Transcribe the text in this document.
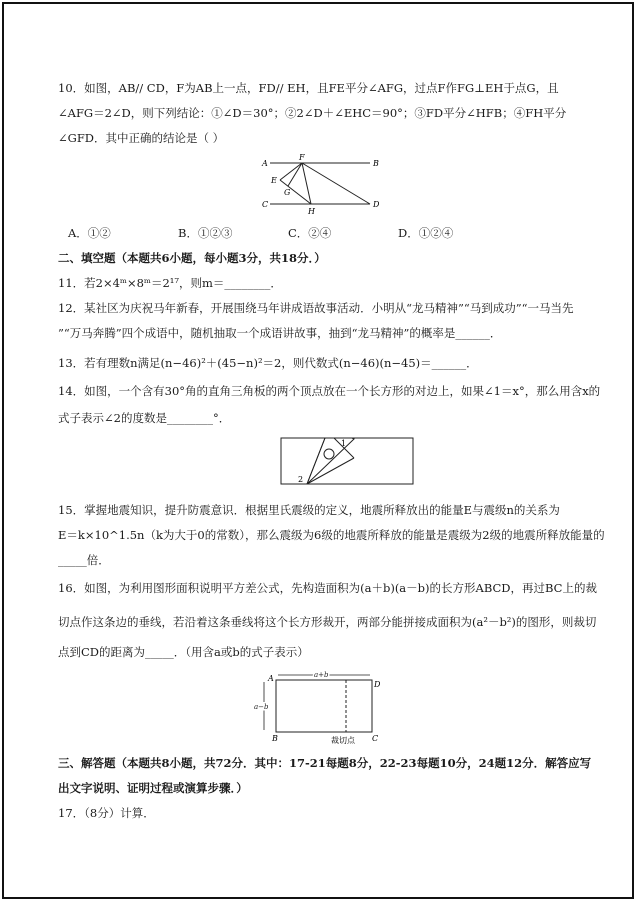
10．如图，AB// CD，F为AB上一点，FD// EH，且FE平分∠AFG，过点F作FG⊥EH于点G，且
∠AFG＝2∠D，则下列结论：①∠D＝30°；②2∠D＋∠EHC＝90°；③FD平分∠HFB；④FH平分
∠GFD．其中正确的结论是（ ）
A
F
B
E
G
C
H
D
A．①②	B．①②③	C．②④	D．①②④
二、填空题（本题共6小题，每小题3分，共18分．）
11．若2×4ᵐ×8ᵐ＝2¹⁷，则m＝________．
12．某社区为庆祝马年新春，开展围绕马年讲成语故事活动．小明从“龙马精神”“马到成功”“一马当先
”“万马奔腾”四个成语中，随机抽取一个成语讲故事，抽到“龙马精神”的概率是______．
13．若有理数n满足(n−46)²＋(45−n)²＝2，则代数式(n−46)(n−45)＝______．
14．如图，一个含有30°角的直角三角板的两个顶点放在一个长方形的对边上，如果∠1＝x°，那么用含x的
式子表示∠2的度数是________°．
1
2
15．掌握地震知识，提升防震意识．根据里氏震级的定义，地震所释放出的能量E与震级n的关系为
E＝k×10^1.5n（k为大于0的常数），那么震级为6级的地震所释放的能量是震级为2级的地震所释放能量的
_____倍．
16．如图，为利用图形面积说明平方差公式，先构造面积为(a＋b)(a－b)的长方形ABCD，再过BC上的裁
切点作这条边的垂线，若沿着这条垂线将这个长方形裁开，两部分能拼接成面积为(a²－b²)的图形，则裁切
点到CD的距离为_____．（用含a或b的式子表示）
A
D
B	C
a+b
a−b
裁切点
三、解答题（本题共8小题，共72分．其中：17-21每题8分，22-23每题10分，24题12分．解答应写
出文字说明、证明过程或演算步骤．）
17．（8分）计算．
